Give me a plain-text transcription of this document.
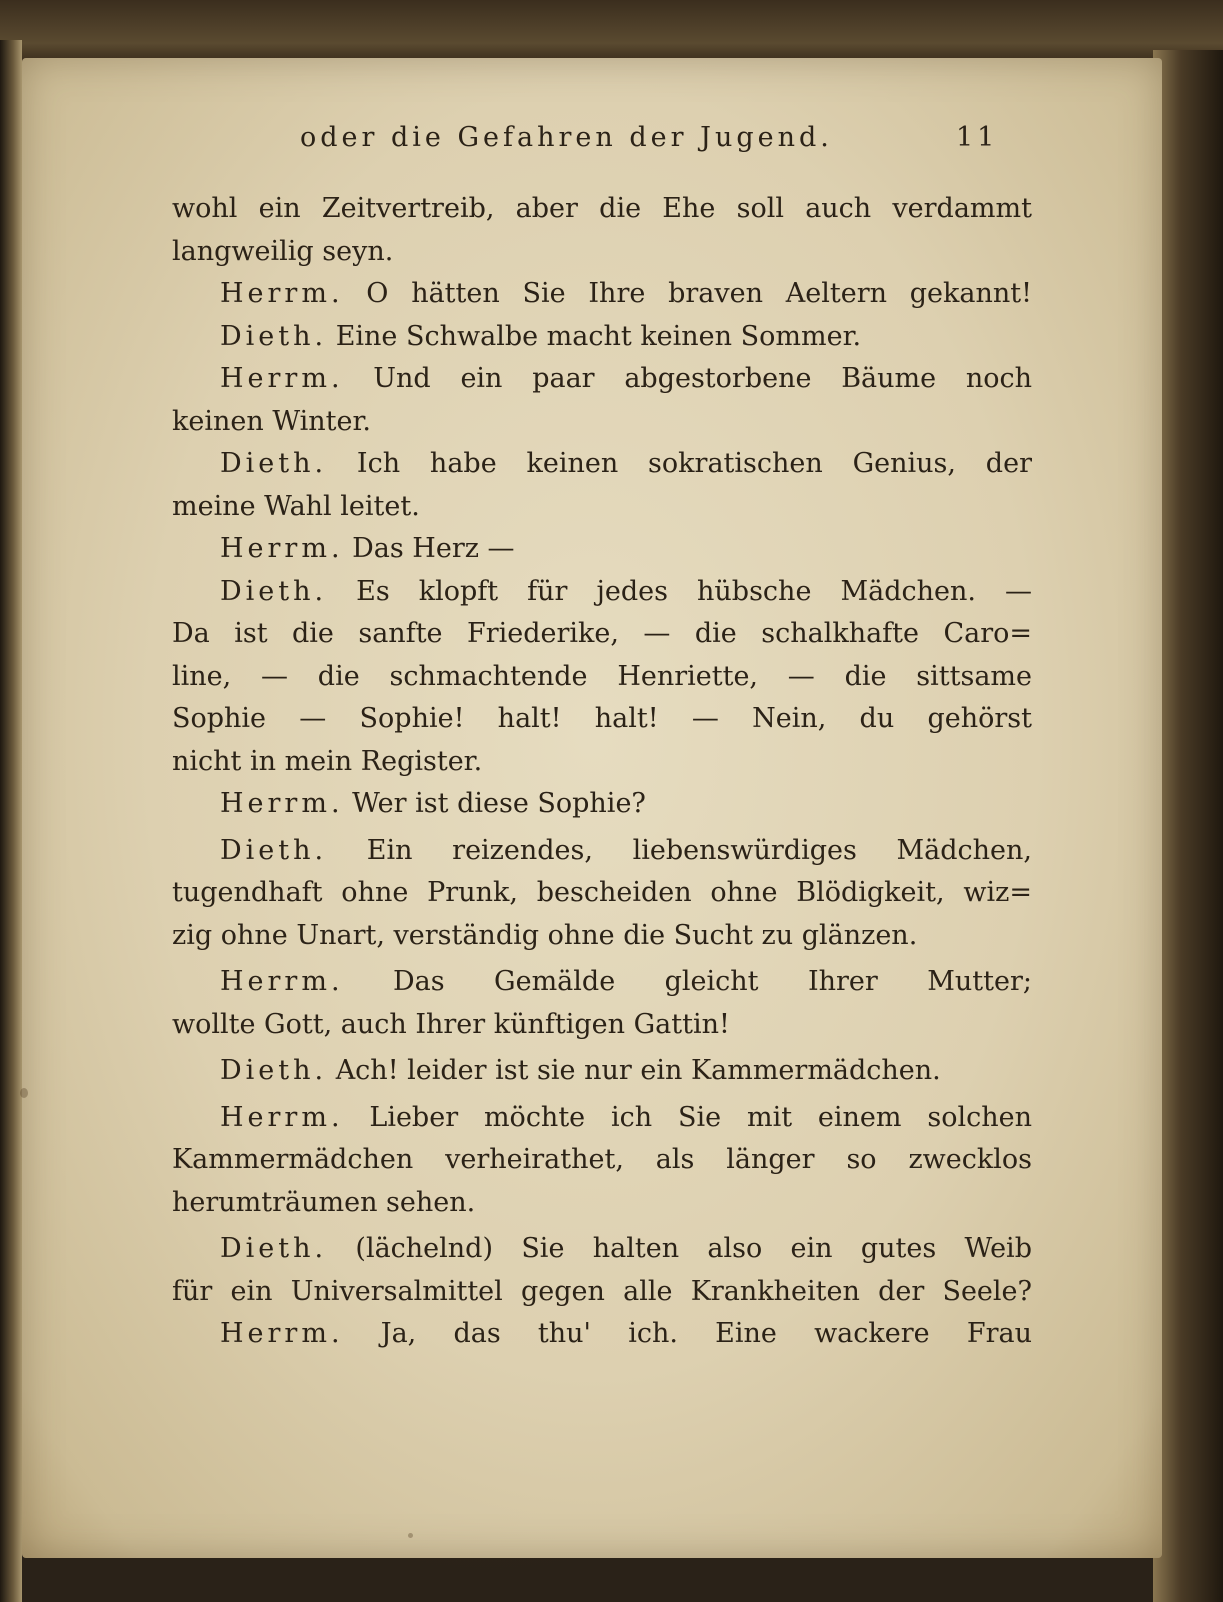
oder die Gefahren der Jugend.	11
wohl ein Zeitvertreib, aber die Ehe soll auch verdammt
langweilig seyn.
Herrm. O hätten Sie Ihre braven Aeltern gekannt!
Dieth. Eine Schwalbe macht keinen Sommer.
Herrm. Und ein paar abgestorbene Bäume noch
keinen Winter.
Dieth. Ich habe keinen sokratischen Genius, der
meine Wahl leitet.
Herrm. Das Herz —
Dieth. Es klopft für jedes hübsche Mädchen. —
Da ist die sanfte Friederike, — die schalkhafte Caro=
line, — die schmachtende Henriette, — die sittsame
Sophie — Sophie! halt! halt! — Nein, du gehörst
nicht in mein Register.
Herrm. Wer ist diese Sophie?
Dieth. Ein reizendes, liebenswürdiges Mädchen,
tugendhaft ohne Prunk, bescheiden ohne Blödigkeit, wiz=
zig ohne Unart, verständig ohne die Sucht zu glänzen.
Herrm. Das Gemälde gleicht Ihrer Mutter;
wollte Gott, auch Ihrer künftigen Gattin!
Dieth. Ach! leider ist sie nur ein Kammermädchen.
Herrm. Lieber möchte ich Sie mit einem solchen
Kammermädchen verheirathet, als länger so zwecklos
herumträumen sehen.
Dieth. (lächelnd) Sie halten also ein gutes Weib
für ein Universalmittel gegen alle Krankheiten der Seele?
Herrm. Ja, das thu' ich. Eine wackere Frau
